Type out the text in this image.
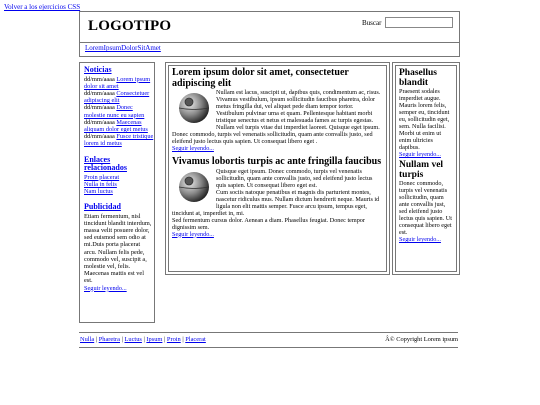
Volver a los ejercicios CSS
LOGOTIPO	Buscar
LoremIpsumDolorSitAmet
Noticias
dd/mm/aaaa Lorem ipsum dolor sit amet
dd/mm/aaaa Consectetuer adipiscing elit
dd/mm/aaaa Donec molestie nunc eu sapien
dd/mm/aaaa Maecenas aliquam dolor eget metus
dd/mm/aaaa Fusce tristique lorem id metus
Enlaces relacionados
Proin placerat
Nulla in felis
Nam luctus
Publicidad
Etiam fermentum, nisl tincidunt blandit interdum, massa velit posuere dolor, sed euismod sem odio at mi.Duis porta placerat arcu. Nullam felis pede, commodo vel, suscipit a, molestie vel, felis. Maecenas mattis est vel est.
Seguir leyendo...
Lorem ipsum dolor sit amet, consectetuer adipiscing elit

Nullam est lacus, suscipit ut, dapibus quis, condimentum ac, risus. Vivamus vestibulum, ipsum sollicitudin faucibus pharetra, dolor metus fringilla dui, vel aliquet pede diam tempor tortor.

Vestibulum pulvinar urna et quam. Pellentesque habitant morbi tristique senectus et netus et malesuada fames ac turpis egestas. Nullam vel turpis vitae dui imperdiet laoreet. Quisque eget ipsum.

Donec commodo, turpis vel venenatis sollicitudin, quam ante convallis justo, sed eleifend justo lectus quis sapien. Ut consequat libero eget .

Seguir leyendo...
Vivamus lobortis turpis ac ante fringilla faucibus

Quisque eget ipsum. Donec commodo, turpis vel venenatis sollicitudin, quam ante convallis justo, sed eleifend justo lectus quis sapien. Ut consequat libero eget est.

Cum sociis natoque penatibus et magnis dis parturient montes, nascetur ridiculus mus. Nullam dictum hendrerit neque. Mauris id ligula non elit mattis semper. Fusce arcu ipsum, tempus eget, tincidunt at, imperdiet in, mi.

Sed fermentum cursus dolor. Aenean a diam. Phasellus feugiat. Donec tempor dignissim sem.

Seguir leyendo...
Phasellus blandit
Praesent sodales imperdiet augue. Mauris lorem felis, semper eu, tincidunt eu, sollicitudin eget, sem. Nulla facilisi. Morbi ut enim ut enim ultricies dapibus.
Seguir leyendo...
Nullam vel turpis
Donec commodo, turpis vel venenatis sollicitudin, quam ante convallis just, sed eleifend justo lectus quis sapien. Ut consequat libero eget est.
Seguir leyendo...
Nulla | Pharetra | Luctus | Ipsum | Proin | Placerat	Â© Copyright Lorem ipsum
